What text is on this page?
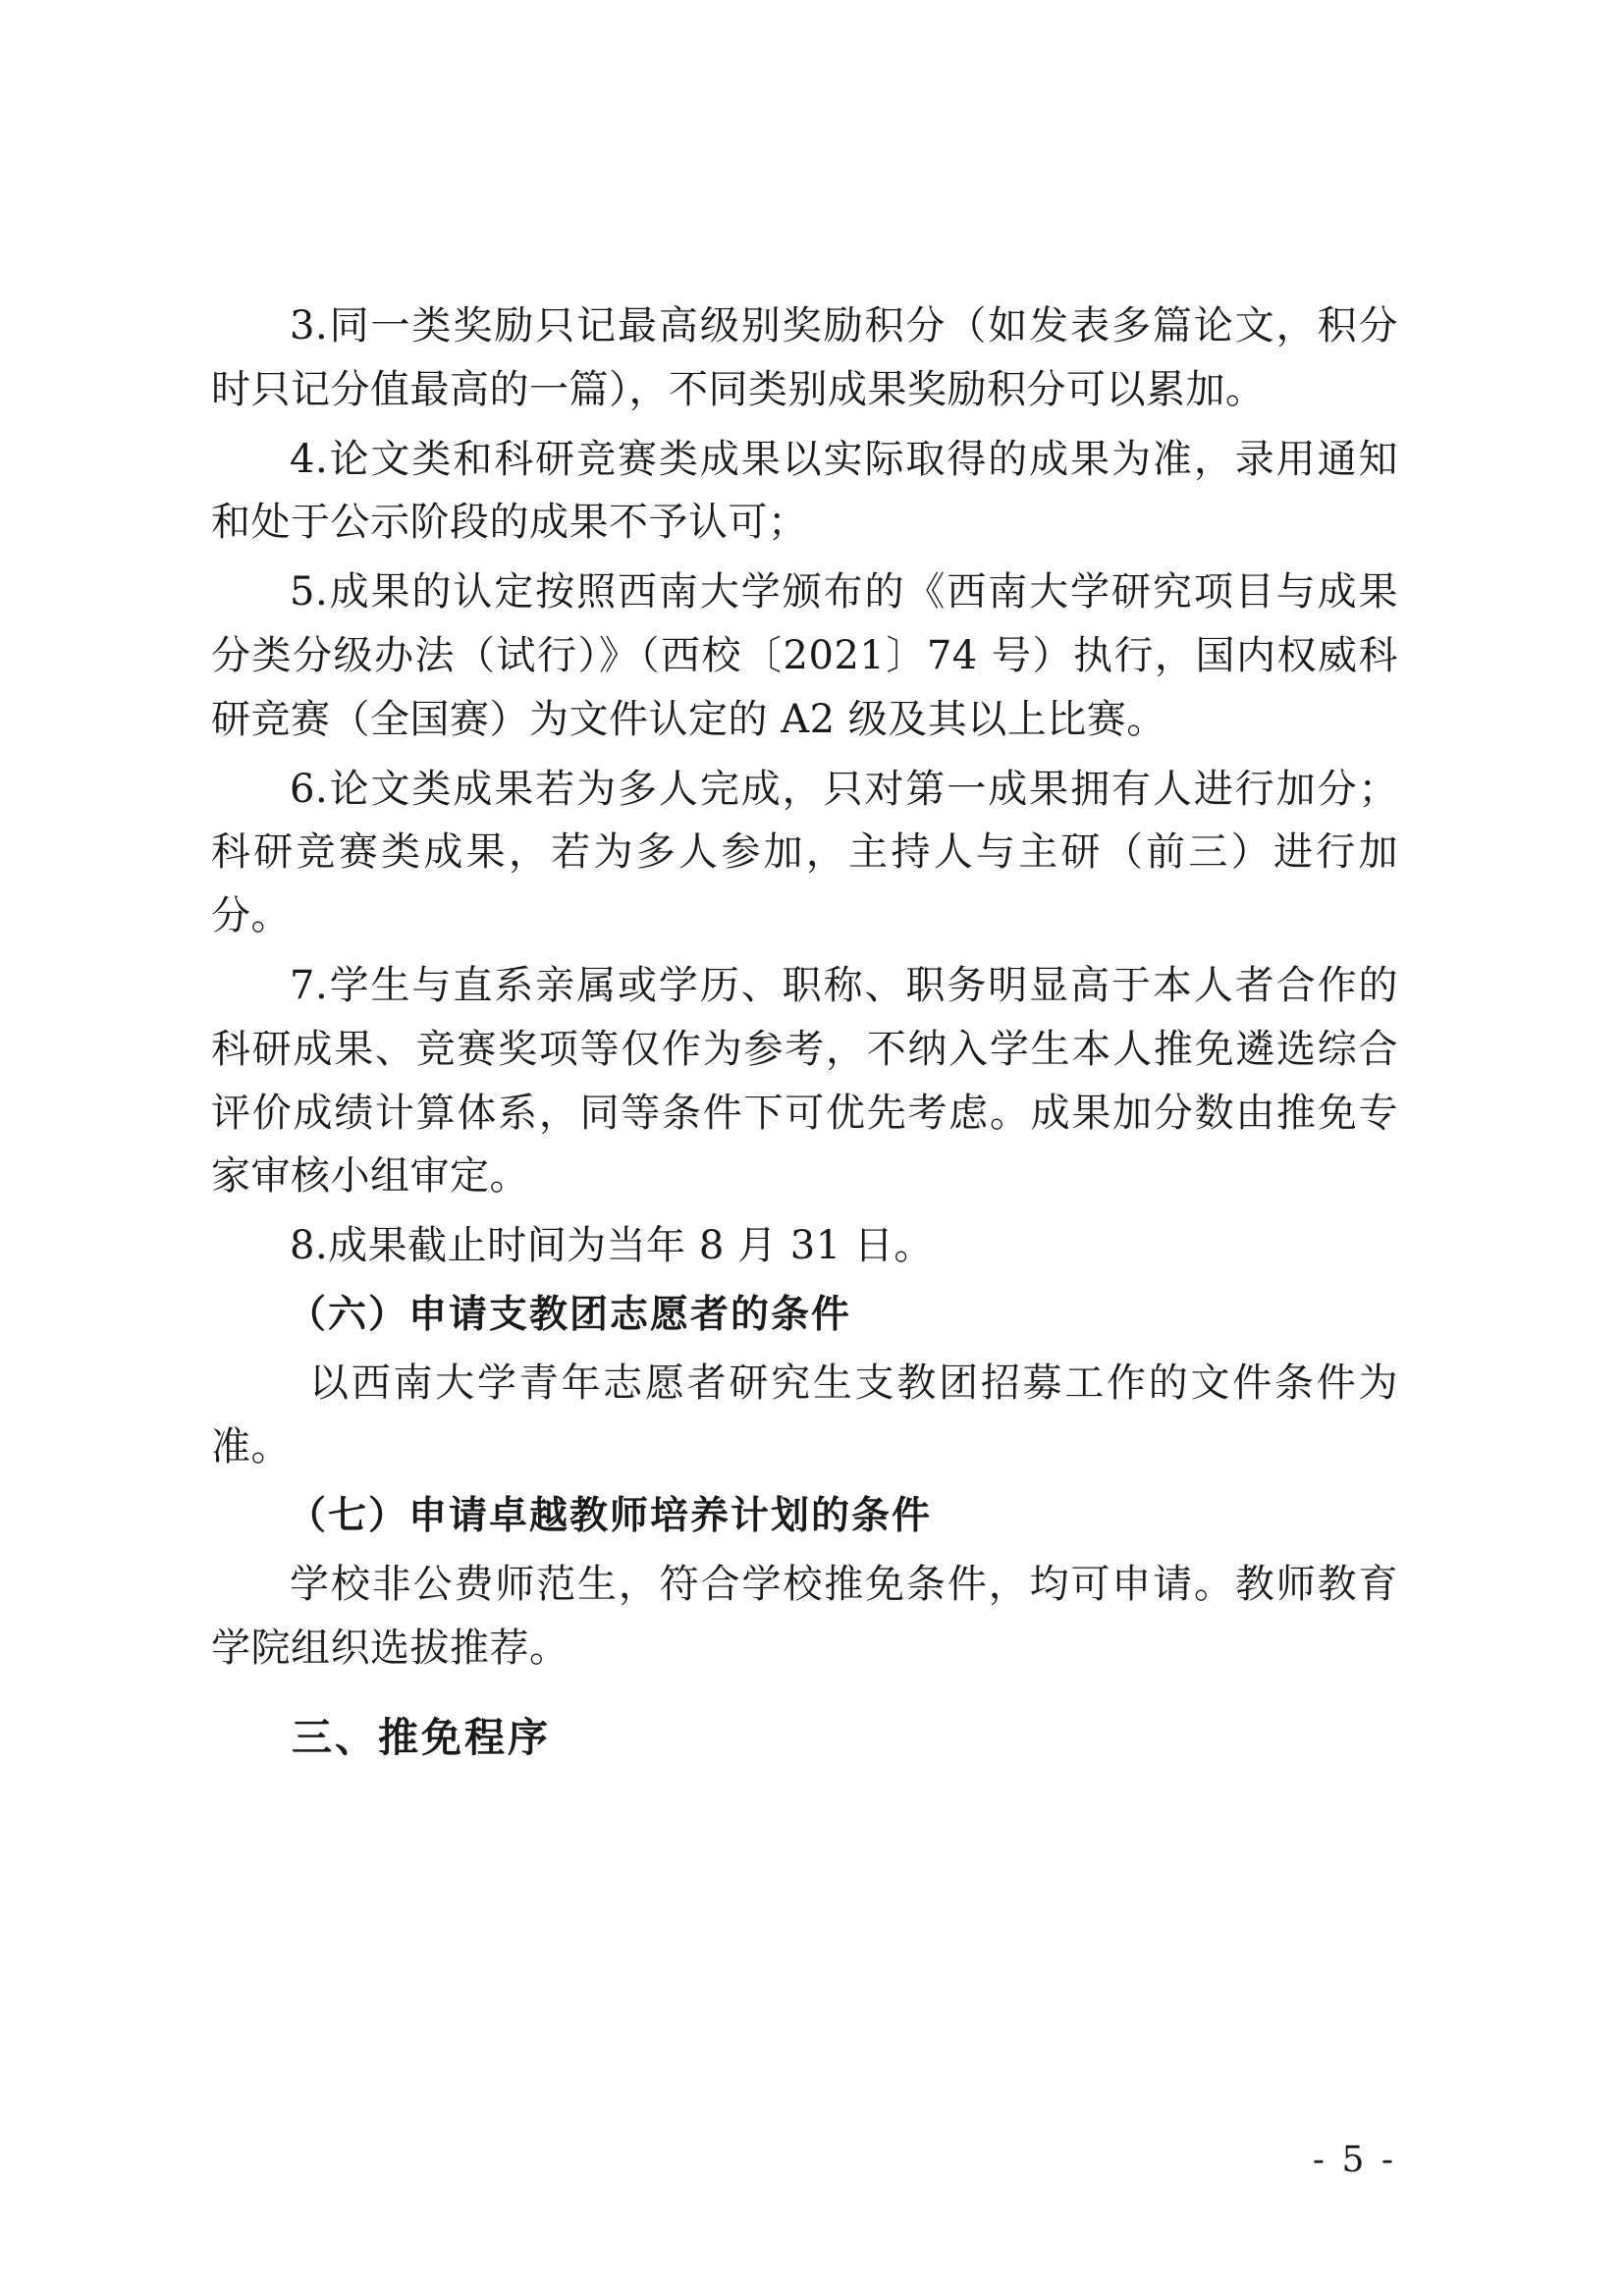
3.同一类奖励只记最高级别奖励积分（如发表多篇论文，积分时只记分值最高的一篇），不同类别成果奖励积分可以累加。

4.论文类和科研竞赛类成果以实际取得的成果为准，录用通知和处于公示阶段的成果不予认可；

5.成果的认定按照西南大学颁布的《西南大学研究项目与成果分类分级办法（试行）》（西校〔2021〕74 号）执行，国内权威科研竞赛（全国赛）为文件认定的 A2 级及其以上比赛。

6.论文类成果若为多人完成，只对第一成果拥有人进行加分；科研竞赛类成果，若为多人参加，主持人与主研（前三）进行加分。

7.学生与直系亲属或学历、职称、职务明显高于本人者合作的科研成果、竞赛奖项等仅作为参考，不纳入学生本人推免遴选综合评价成绩计算体系，同等条件下可优先考虑。成果加分数由推免专家审核小组审定。

8.成果截止时间为当年 8 月 31 日。

（六）申请支教团志愿者的条件

以西南大学青年志愿者研究生支教团招募工作的文件条件为准。

（七）申请卓越教师培养计划的条件

学校非公费师范生，符合学校推免条件，均可申请。教师教育学院组织选拔推荐。

三、推免程序

- 5 -
